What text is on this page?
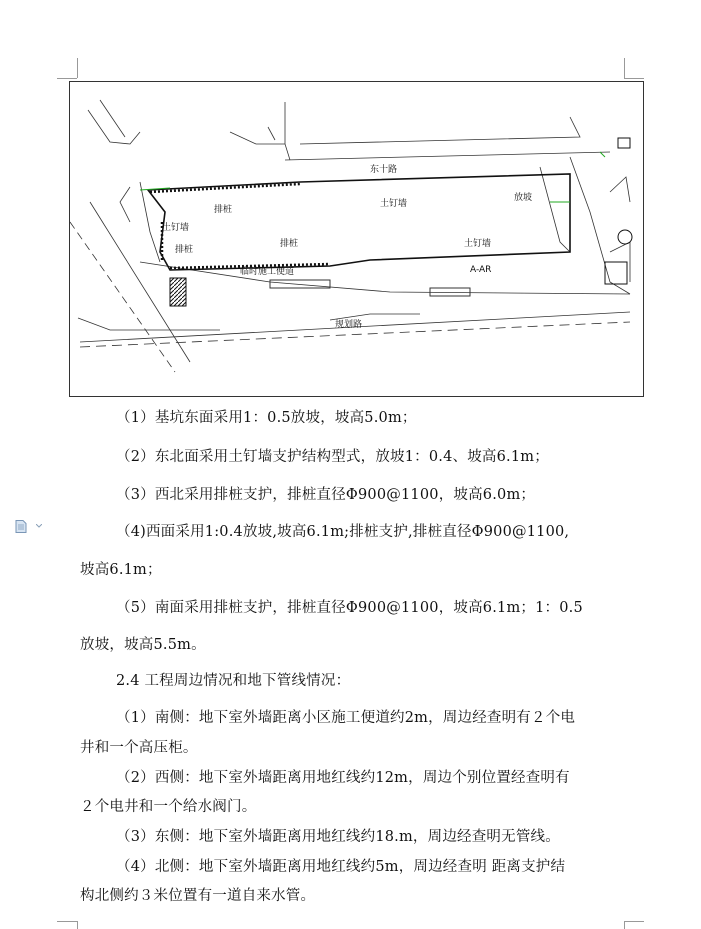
排桩
土钉墙
土钉墙
放坡
排桩
排桩	土钉墙
临时施工便道	A-AR
东十路
规划路
（1）基坑东面采用1：0.5放坡，坡高5.0m；
（2）东北面采用土钉墙支护结构型式，放坡1：0.4、坡高6.1m；
（3）西北采用排桩支护，排桩直径Φ900@1100，坡高6.0m；
（4)西面采用1:0.4放坡,坡高6.1m;排桩支护,排桩直径Φ900@1100,
坡高6.1m；
（5）南面采用排桩支护，排桩直径Φ900@1100，坡高6.1m；1：0.5
放坡，坡高5.5m。
2.4 工程周边情况和地下管线情况：
（1）南侧：地下室外墙距离小区施工便道约2m，周边经查明有２个电
井和一个高压柜。
（2）西侧：地下室外墙距离用地红线约12m，周边个别位置经查明有
２个电井和一个给水阀门。
（3）东侧：地下室外墙距离用地红线约18.m，周边经查明无管线。
（4）北侧：地下室外墙距离用地红线约5m，周边经查明 距离支护结
构北侧约３米位置有一道自来水管。
